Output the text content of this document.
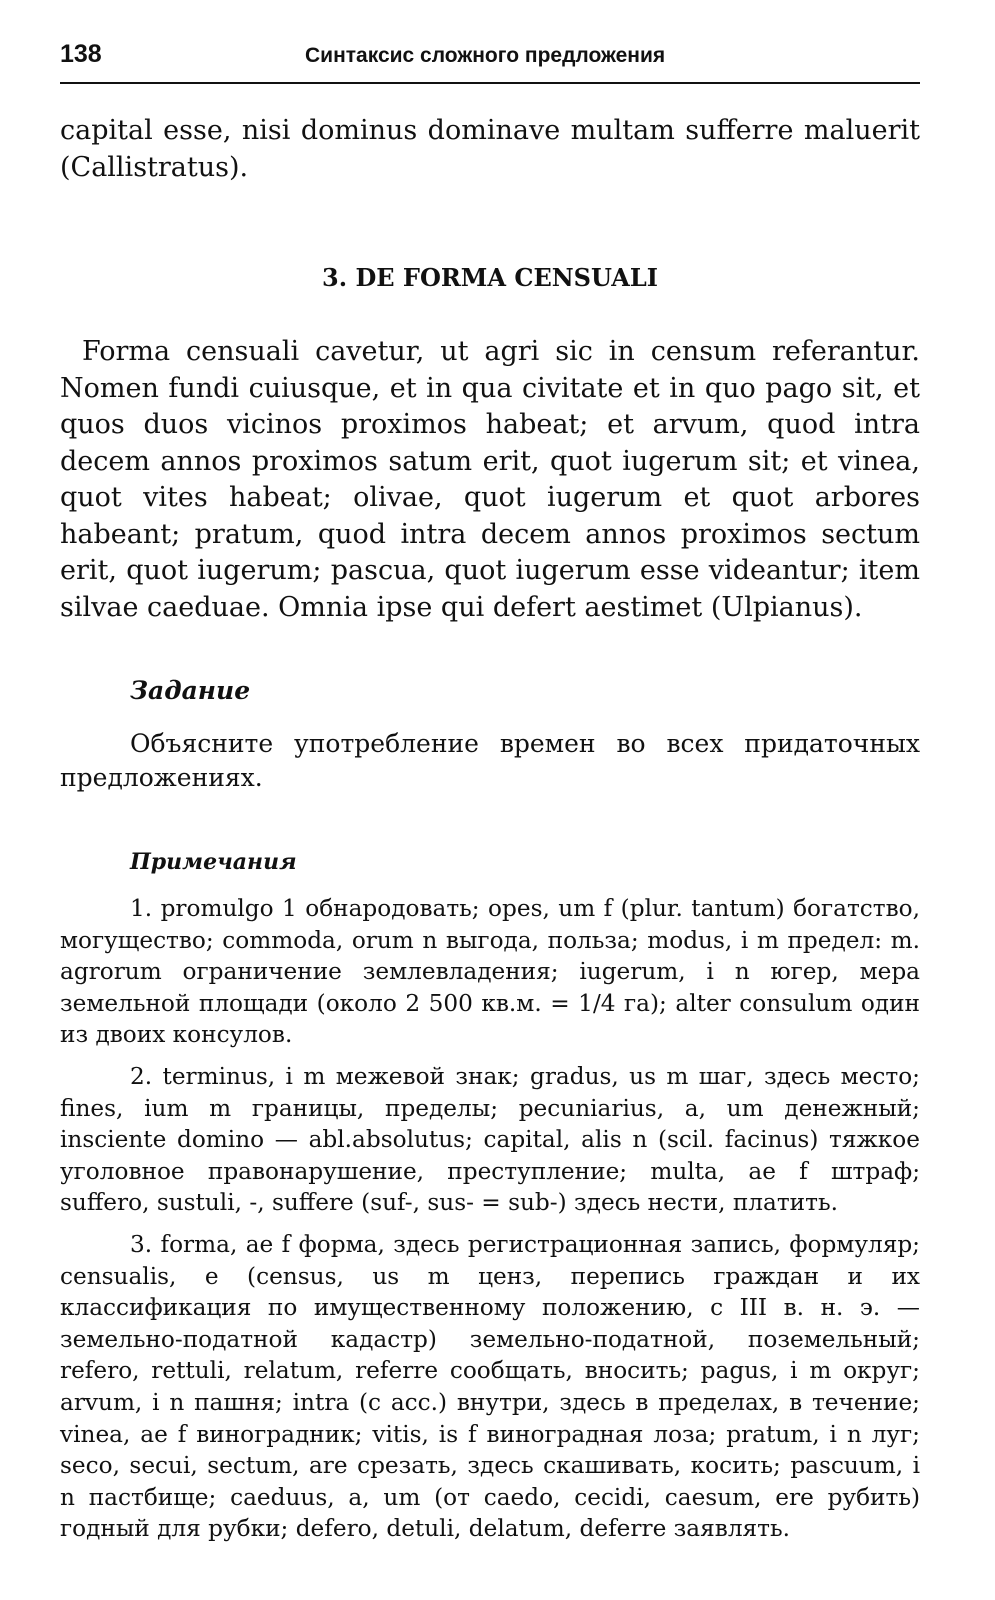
138	Синтаксис сложного предложения

capital esse, nisi dominus dominave multam sufferre maluerit (Callistratus).

3. DE FORMA CENSUALI

Forma censuali cavetur, ut agri sic in censum referantur. Nomen fundi cuiusque, et in qua civitate et in quo pago sit, et quos duos vicinos proximos habeat; et arvum, quod intra decem annos proximos satum erit, quot iugerum sit; et vinea, quot vites habeat; olivae, quot iugerum et quot arbores habeant; pratum, quod intra decem annos proximos sectum erit, quot iugerum; pascua, quot iugerum esse videantur; item silvae caeduae. Omnia ipse qui defert aestimet (Ulpianus).

Задание

Объясните употребление времен во всех придаточных предложениях.

Примечания

1. promulgo 1 обнародовать; opes, um f (plur. tantum) богатство, могущество; commoda, orum n выгода, польза; modus, i m предел: m. agrorum ограничение землевладения; iugerum, i n югер, мера земельной площади (около 2 500 кв.м. = 1/4 га); alter consulum один из двоих консулов.

2. terminus, i m межевой знак; gradus, us m шаг, здесь место; fines, ium m границы, пределы; pecuniarius, a, um денежный; insciente domino — abl.absolutus; capital, alis n (scil. facinus) тяжкое уголовное правонарушение, преступление; multa, ae f штраф; suffero, sustuli, -, suffere (suf-, sus- = sub-) здесь нести, платить.

3. forma, ae f форма, здесь регистрационная запись, формуляр; censualis, e (census, us m ценз, перепись граждан и их классификация по имущественному положению, с III в. н. э. — земельно-податной кадастр) земельно-податной, поземельный; refero, rettuli, relatum, referre сообщать, вносить; pagus, i m округ; arvum, i n пашня; intra (с acc.) внутри, здесь в пределах, в течение; vinea, ae f виноградник; vitis, is f виноградная лоза; pratum, i n луг; seco, secui, sectum, are срезать, здесь скашивать, косить; pascuum, i n пастбище; caeduus, a, um (от caedo, cecidi, caesum, ere рубить) годный для рубки; defero, detuli, delatum, deferre заявлять.
